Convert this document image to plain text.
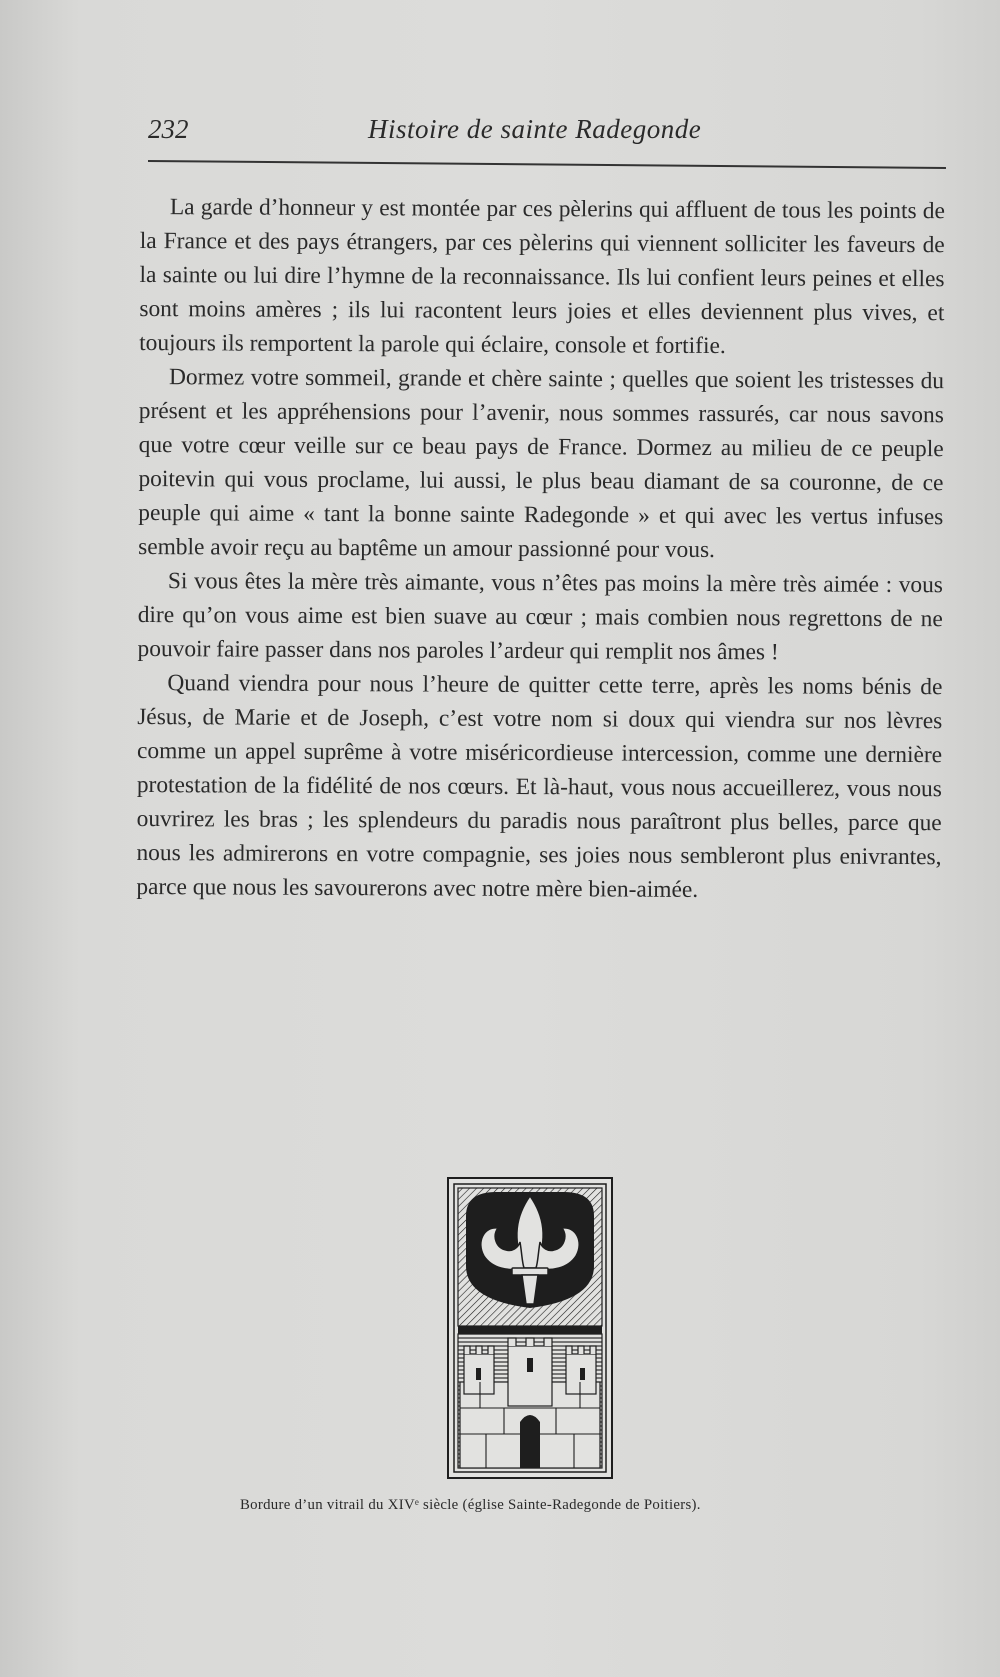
232	Histoire de sainte Radegonde

La garde d’honneur y est montée par ces pèlerins qui affluent de tous les points de la France et des pays étrangers, par ces pèlerins qui viennent solliciter les faveurs de la sainte ou lui dire l’hymne de la reconnaissance. Ils lui confient leurs peines et elles sont moins amères ; ils lui racontent leurs joies et elles deviennent plus vives, et toujours ils remportent la parole qui éclaire, console et fortifie.

Dormez votre sommeil, grande et chère sainte ; quelles que soient les tristesses du présent et les appréhensions pour l’avenir, nous sommes rassurés, car nous savons que votre cœur veille sur ce beau pays de France. Dormez au milieu de ce peuple poitevin qui vous proclame, lui aussi, le plus beau diamant de sa couronne, de ce peuple qui aime « tant la bonne sainte Radegonde » et qui avec les vertus infuses semble avoir reçu au baptême un amour passionné pour vous.

Si vous êtes la mère très aimante, vous n’êtes pas moins la mère très aimée : vous dire qu’on vous aime est bien suave au cœur ; mais combien nous regrettons de ne pouvoir faire passer dans nos paroles l’ardeur qui remplit nos âmes !

Quand viendra pour nous l’heure de quitter cette terre, après les noms bénis de Jésus, de Marie et de Joseph, c’est votre nom si doux qui viendra sur nos lèvres comme un appel suprême à votre miséricordieuse intercession, comme une dernière protestation de la fidélité de nos cœurs. Et là-haut, vous nous accueillerez, vous nous ouvrirez les bras ; les splendeurs du paradis nous paraîtront plus belles, parce que nous les admirerons en votre compagnie, ses joies nous sembleront plus enivrantes, parce que nous les savourerons avec notre mère bien-aimée.

Bordure d’un vitrail du XIVᵉ siècle (église Sainte-Radegonde de Poitiers).
